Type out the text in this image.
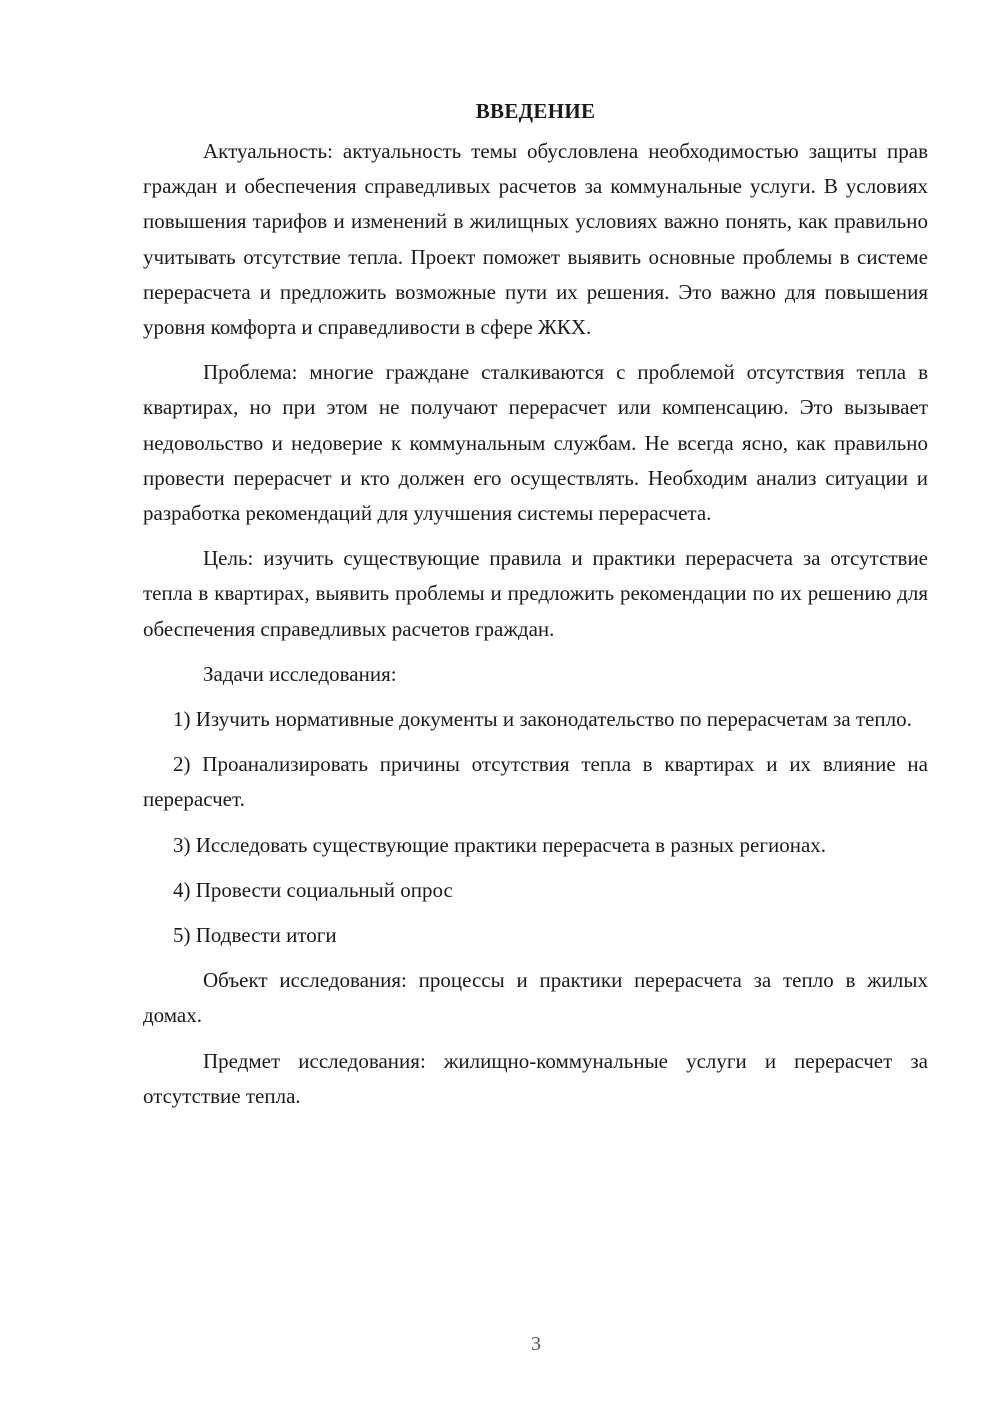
ВВЕДЕНИЕ

Актуальность: актуальность темы обусловлена необходимостью защиты прав граждан и обеспечения справедливых расчетов за коммунальные услуги. В условиях повышения тарифов и изменений в жилищных условиях важно понять, как правильно учитывать отсутствие тепла. Проект поможет выявить основные проблемы в системе перерасчета и предложить возможные пути их решения. Это важно для повышения уровня комфорта и справедливости в сфере ЖКХ.

Проблема: многие граждане сталкиваются с проблемой отсутствия тепла в квартирах, но при этом не получают перерасчет или компенсацию. Это вызывает недовольство и недоверие к коммунальным службам. Не всегда ясно, как правильно провести перерасчет и кто должен его осуществлять. Необходим анализ ситуации и разработка рекомендаций для улучшения системы перерасчета.

Цель: изучить существующие правила и практики перерасчета за отсутствие тепла в квартирах, выявить проблемы и предложить рекомендации по их решению для обеспечения справедливых расчетов граждан.

Задачи исследования:

1) Изучить нормативные документы и законодательство по перерасчетам за тепло.

2) Проанализировать причины отсутствия тепла в квартирах и их влияние на перерасчет.

3) Исследовать существующие практики перерасчета в разных регионах.

4) Провести социальный опрос

5) Подвести итоги

Объект исследования: процессы и практики перерасчета за тепло в жилых домах.

Предмет исследования: жилищно-коммунальные услуги и перерасчет за отсутствие тепла.

3
